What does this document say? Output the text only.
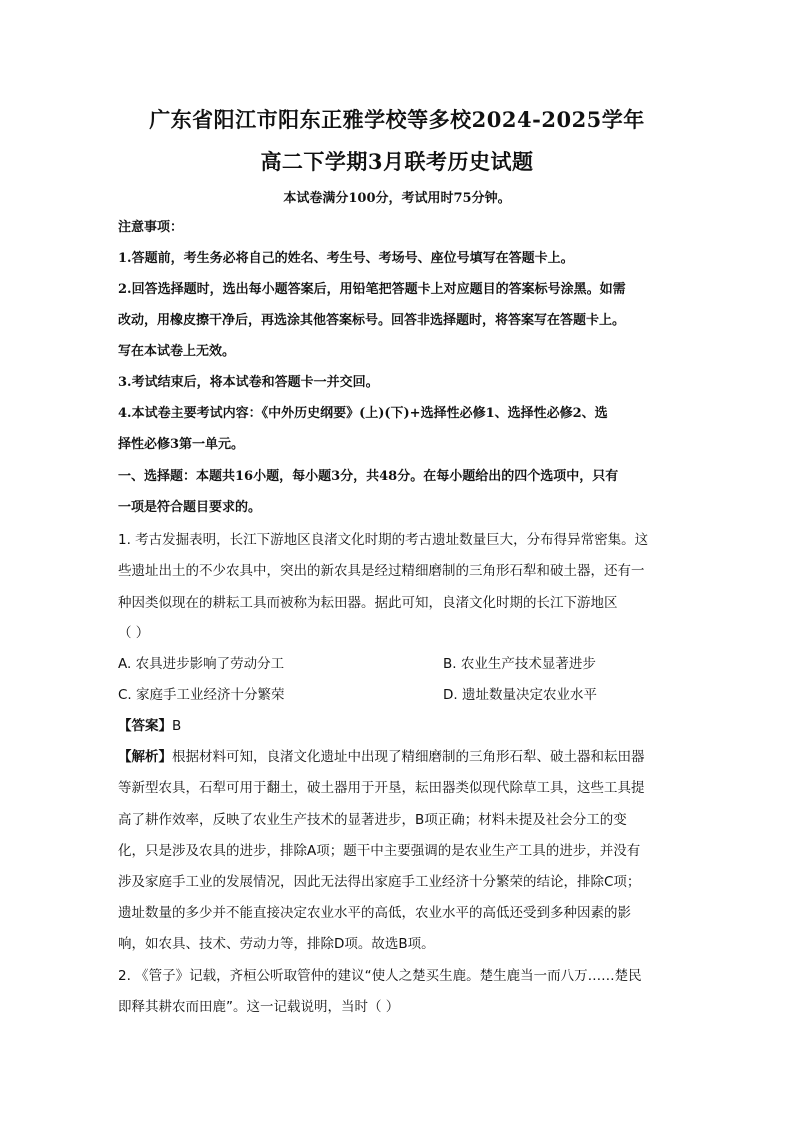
广东省阳江市阳东正雅学校等多校2024-2025学年
高二下学期3月联考历史试题
本试卷满分100分，考试用时75分钟。
注意事项：
1.答题前，考生务必将自己的姓名、考生号、考场号、座位号填写在答题卡上。
2.回答选择题时，选出每小题答案后，用铅笔把答题卡上对应题目的答案标号涂黑。如需
改动，用橡皮擦干净后，再选涂其他答案标号。回答非选择题时，将答案写在答题卡上。
写在本试卷上无效。
3.考试结束后，将本试卷和答题卡一并交回。
4.本试卷主要考试内容：《中外历史纲要》(上)(下)+选择性必修1、选择性必修2、选
择性必修3第一单元。
一、选择题：本题共16小题，每小题3分，共48分。在每小题给出的四个选项中，只有
一项是符合题目要求的。
1. 考古发掘表明，长江下游地区良渚文化时期的考古遗址数量巨大，分布得异常密集。这
些遗址出土的不少农具中，突出的新农具是经过精细磨制的三角形石犁和破土器，还有一
种因类似现在的耕耘工具而被称为耘田器。据此可知，良渚文化时期的长江下游地区
（ ）
A. 农具进步影响了劳动分工	B. 农业生产技术显著进步
C. 家庭手工业经济十分繁荣	D. 遗址数量决定农业水平
【答案】B
【解析】根据材料可知，良渚文化遗址中出现了精细磨制的三角形石犁、破土器和耘田器
等新型农具，石犁可用于翻土，破土器用于开垦，耘田器类似现代除草工具，这些工具提
高了耕作效率，反映了农业生产技术的显著进步，B项正确；材料未提及社会分工的变
化，只是涉及农具的进步，排除A项；题干中主要强调的是农业生产工具的进步，并没有
涉及家庭手工业的发展情况，因此无法得出家庭手工业经济十分繁荣的结论，排除C项；
遗址数量的多少并不能直接决定农业水平的高低，农业水平的高低还受到多种因素的影
响，如农具、技术、劳动力等，排除D项。故选B项。
2. 《管子》记载，齐桓公听取管仲的建议“使人之楚买生鹿。楚生鹿当一而八万……楚民
即释其耕农而田鹿”。这一记载说明，当时（ ）
